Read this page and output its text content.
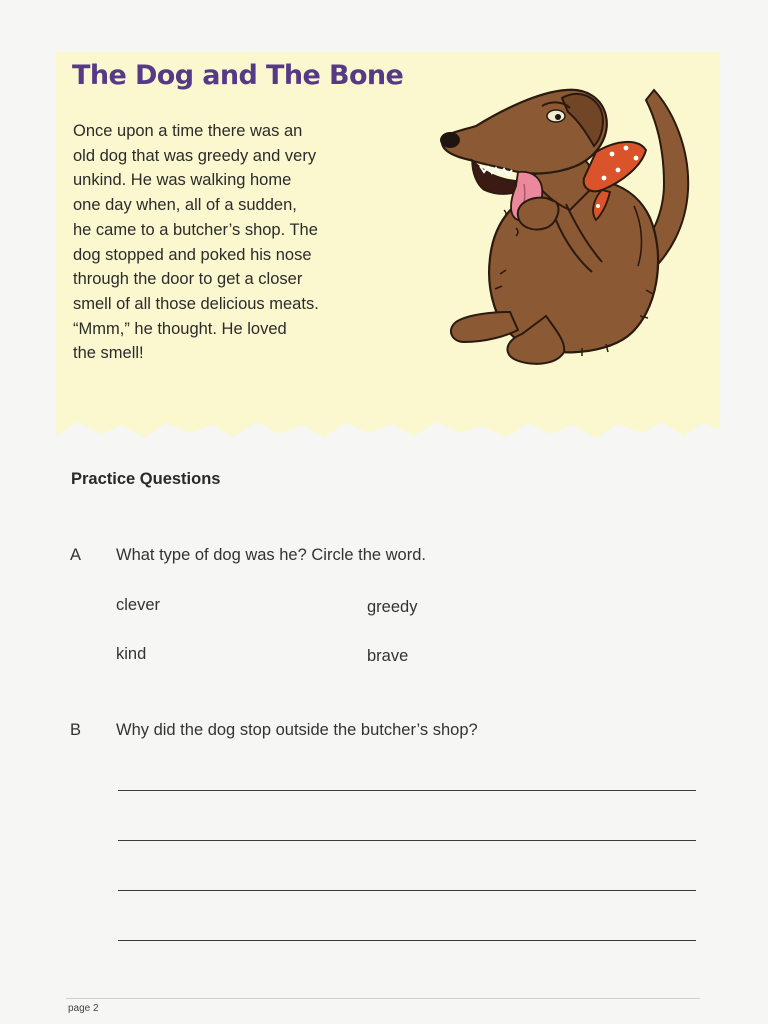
The Dog and The Bone

Once upon a time there was an
old dog that was greedy and very
unkind. He was walking home
one day when, all of a sudden,
he came to a butcher’s shop. The
dog stopped and poked his nose
through the door to get a closer
smell of all those delicious meats.
“Mmm,” he thought. He loved
the smell!

Practice Questions
A What type of dog was he? Circle the word.
clever	greedy
kind	brave
B Why did the dog stop outside the butcher’s shop?
page 2
